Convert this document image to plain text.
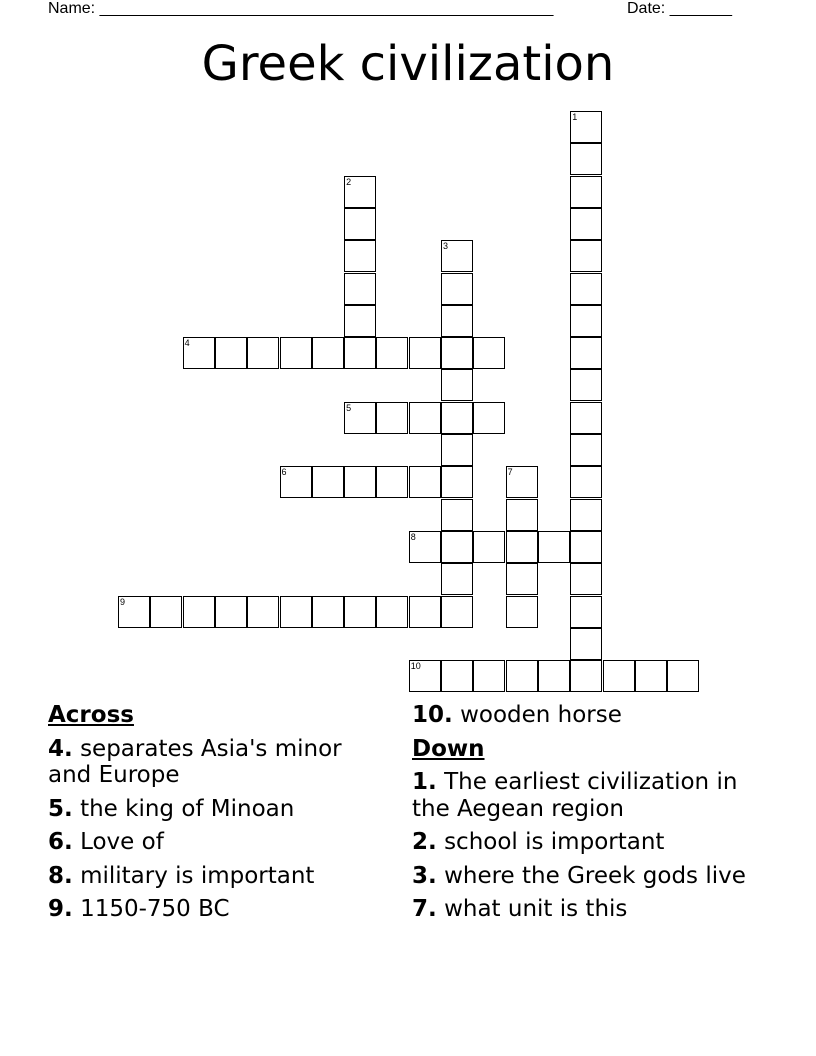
Name: ___________________________________________________	Date: _______
Greek civilization
1
2
3
4
5
6	7
8
9
10
Across
4. separates Asia's minor and Europe
5. the king of Minoan
6. Love of
8. military is important
9. 1150-750 BC
10. wooden horse
Down
1. The earliest civilization in the Aegean region
2. school is important
3. where the Greek gods live
7. what unit is this
